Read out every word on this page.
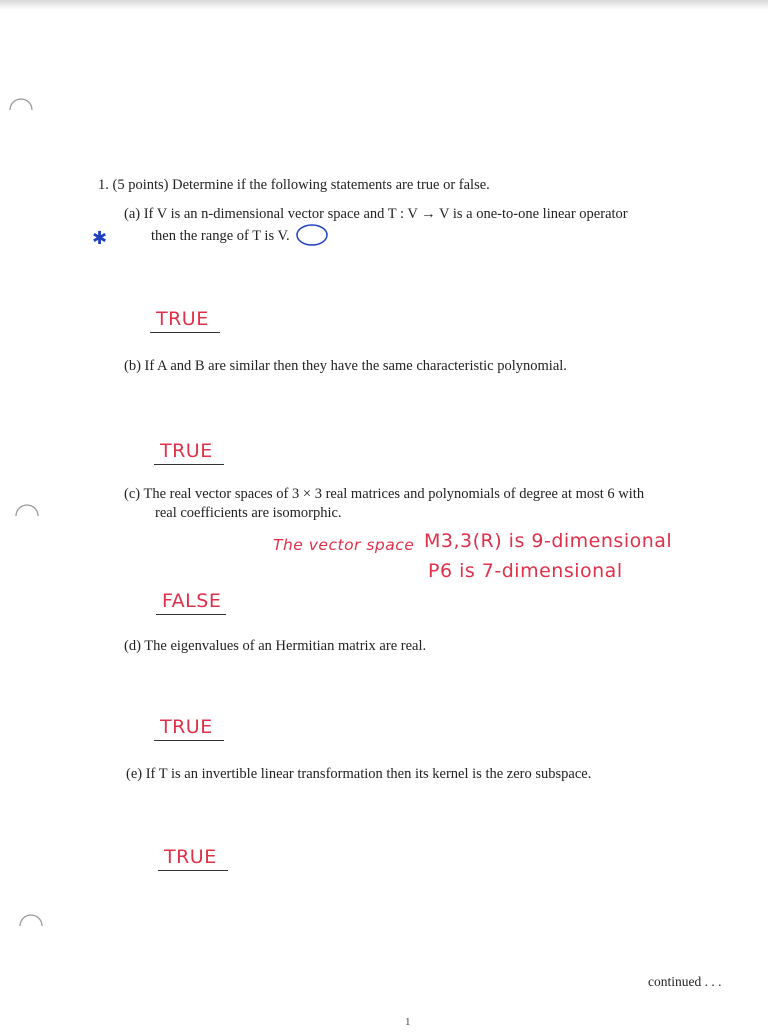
1. (5 points) Determine if the following statements are true or false.
(a) If V is an n-dimensional vector space and T : V → V is a one-to-one linear operator
then the range of T is V.
✱
TRUE
(b) If A and B are similar then they have the same characteristic polynomial.
TRUE
(c) The real vector spaces of 3 × 3 real matrices and polynomials of degree at most 6 with
real coefficients are isomorphic.
The vector space M3,3(R) is 9-dimensional
P6 is 7-dimensional
FALSE
(d) The eigenvalues of an Hermitian matrix are real.
TRUE
(e) If T is an invertible linear transformation then its kernel is the zero subspace.
TRUE
continued . . .
1
